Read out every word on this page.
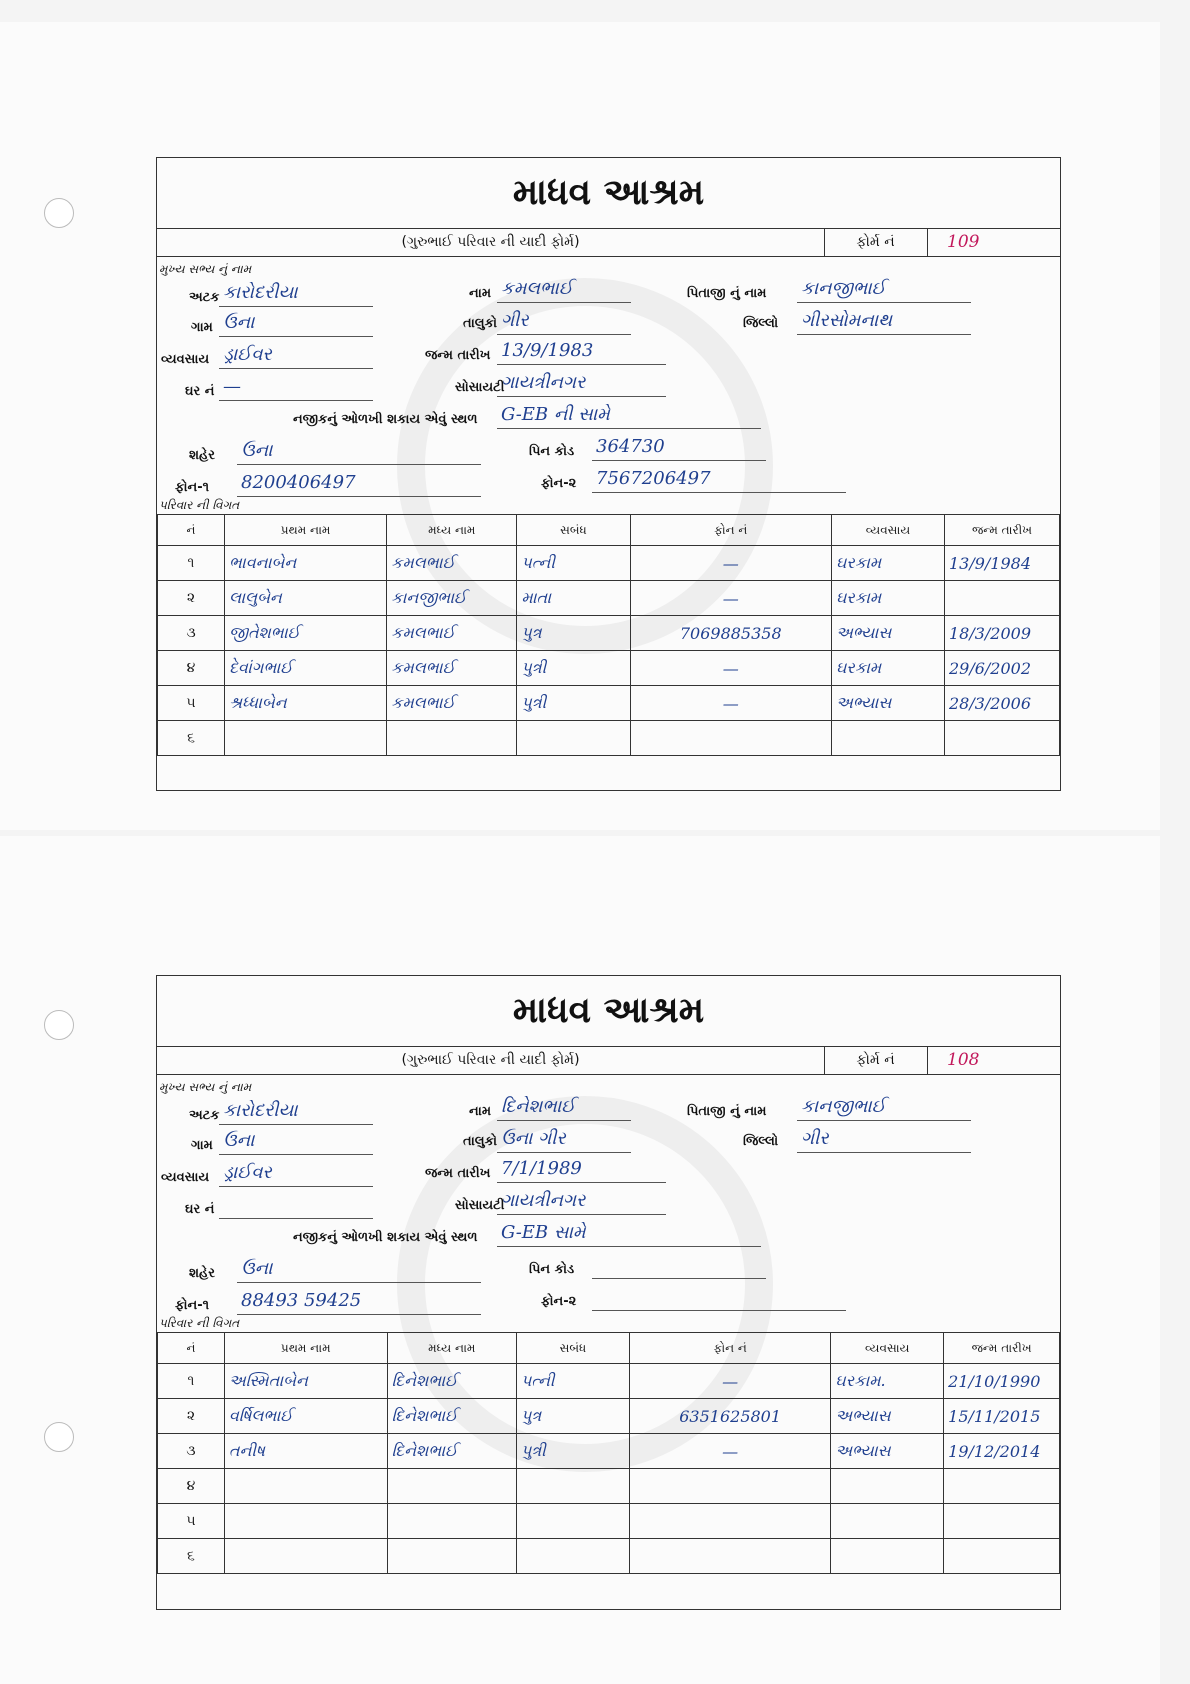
માધવ આશ્રમ
(ગુરુભાઈ પરિવાર ની યાદી ફોર્મ)	ફોર્મ નં	109
મુખ્ય સભ્ય નું નામ
અટક કારોદરીયા	નામ કમલભાઈ	પિતાજી નું નામ કાનજીભાઈ
ગામ ઉના	તાલુકો ગીર	જિલ્લો ગીરસોમનાથ
વ્યવસાય ડ્રાઈવર	જન્મ તારીખ 13/9/1983
ઘર નં —	સોસાયટી
ગાયત્રીનગર
નજીકનું ઓળખી શકાય એવું સ્થળ G-EB ની સામે
શહેર ઉના	પિન કોડ 364730
ફોન-૧ 8200406497	ફોન-૨ 7567206497
પરિવાર ની વિગત
નં	પ્રથમ નામ	મધ્ય નામ	સબંધ	ફોન નં	વ્યવસાય	જન્મ તારીખ
૧	ભાવનાબેન	કમલભાઈ	પત્ની	—	ઘરકામ	13/9/1984
૨	લાલુબેન	કાનજીભાઈ	માતા	—	ઘરકામ	
૩	જીતેશભાઈ	કમલભાઈ	પુત્ર	7069885358	અભ્યાસ	18/3/2009
૪	દેવાંગભાઈ	કમલભાઈ	પુત્રી	—	ઘરકામ	29/6/2002
૫	શ્રધ્ધાબેન	કમલભાઈ	પુત્રી	—	અભ્યાસ	28/3/2006
૬						
માધવ આશ્રમ
(ગુરુભાઈ પરિવાર ની યાદી ફોર્મ)	ફોર્મ નં	108
મુખ્ય સભ્ય નું નામ
અટક કારોદરીયા	નામ દિનેશભાઈ	પિતાજી નું નામ કાનજીભાઈ
ગામ ઉના	તાલુકો ઉના ગીર	જિલ્લો ગીર
વ્યવસાય ડ્રાઈવર	જન્મ તારીખ 7/1/1989
ઘર નં	સોસાયટી
ગાયત્રીનગર
નજીકનું ઓળખી શકાય એવું સ્થળ G-EB સામે
શહેર ઉના	પિન કોડ
ફોન-૧ 88493 59425	ફોન-૨
પરિવાર ની વિગત
નં	પ્રથમ નામ	મધ્ય નામ	સબંધ	ફોન નં	વ્યવસાય	જન્મ તારીખ
૧	અસ્મિતાબેન	દિનેશભાઈ	પત્ની	—	ઘરકામ.	21/10/1990
૨	વર્ષિલભાઈ	દિનેશભાઈ	પુત્ર	6351625801	અભ્યાસ	15/11/2015
૩	તનીષ	દિનેશભાઈ	પુત્રી	—	અભ્યાસ	19/12/2014
૪						
૫						
૬						
